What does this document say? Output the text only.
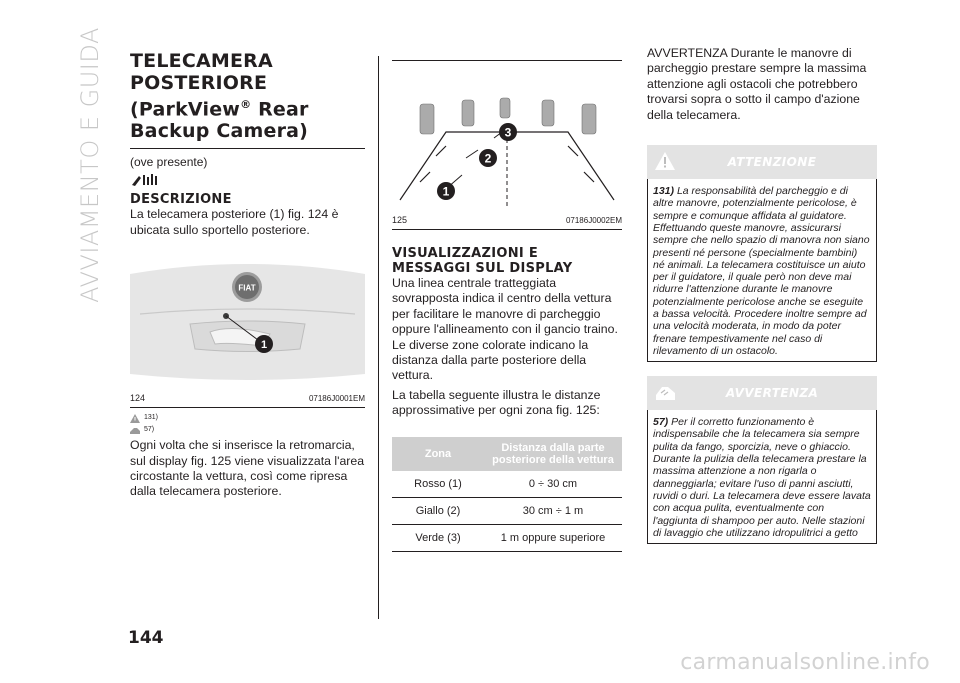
AVVIAMENTO E GUIDA
144
TELECAMERA
POSTERIORE
(ParkView® Rear
Backup Camera)
(ove presente)
DESCRIZIONE
La telecamera posteriore (1) fig. 124 è ubicata sullo sportello posteriore.
FIAT
1
124	07186J0001EM
131)
57)
Ogni volta che si inserisce la retromarcia, sul display fig. 125 viene visualizzata l'area circostante la vettura, così come ripresa dalla telecamera posteriore.
1
2
3
125	07186J0002EM
VISUALIZZAZIONI E
MESSAGGI SUL DISPLAY
Una linea centrale tratteggiata sovrapposta indica il centro della vettura per facilitare le manovre di parcheggio oppure l'allineamento con il gancio traino. Le diverse zone colorate indicano la distanza dalla parte posteriore della vettura.
La tabella seguente illustra le distanze approssimative per ogni zona fig. 125:
Zona	Distanza dalla parte posteriore della vettura
Rosso (1)	0 ÷ 30 cm
Giallo (2)	30 cm ÷ 1 m
Verde (3)	1 m oppure superiore
AVVERTENZA Durante le manovre di parcheggio prestare sempre la massima attenzione agli ostacoli che potrebbero trovarsi sopra o sotto il campo d'azione della telecamera.
ATTENZIONE
131) La responsabilità del parcheggio e di altre manovre, potenzialmente pericolose, è sempre e comunque affidata al guidatore. Effettuando queste manovre, assicurarsi sempre che nello spazio di manovra non siano presenti né persone (specialmente bambini) né animali. La telecamera costituisce un aiuto per il guidatore, il quale però non deve mai ridurre l'attenzione durante le manovre potenzialmente pericolose anche se eseguite a bassa velocità. Procedere inoltre sempre ad una velocità moderata, in modo da poter frenare tempestivamente nel caso di rilevamento di un ostacolo.
AVVERTENZA
57) Per il corretto funzionamento è indispensabile che la telecamera sia sempre pulita da fango, sporcizia, neve o ghiaccio. Durante la pulizia della telecamera prestare la massima attenzione a non rigarla o danneggiarla; evitare l'uso di panni asciutti, ruvidi o duri. La telecamera deve essere lavata con acqua pulita, eventualmente con l'aggiunta di shampoo per auto. Nelle stazioni di lavaggio che utilizzano idropulitrici a getto
carmanualsonline.info
